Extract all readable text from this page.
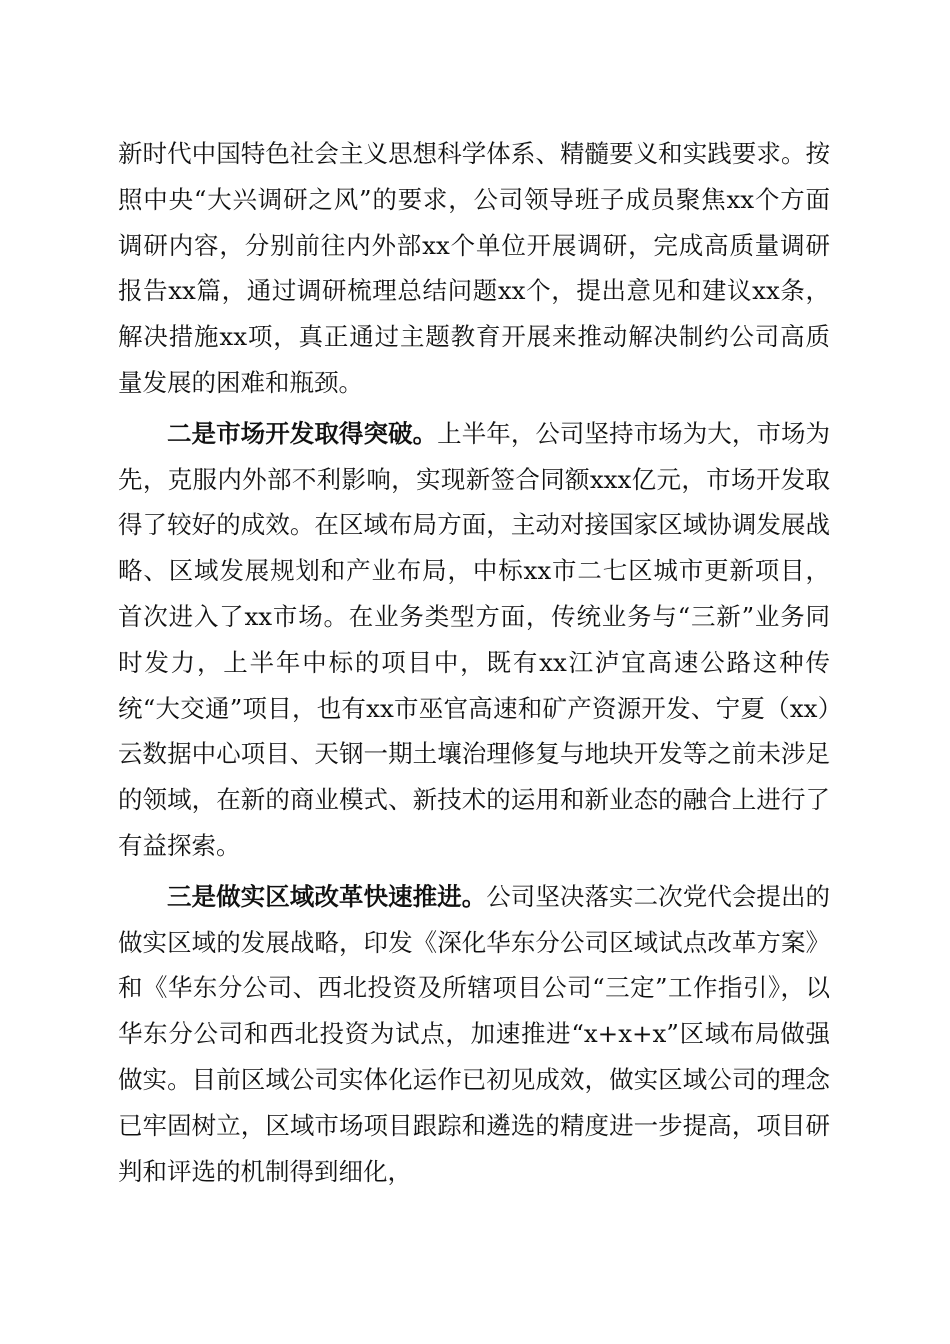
新时代中国特色社会主义思想科学体系、精髓要义和实践要求。按照中央“大兴调研之风”的要求，公司领导班子成员聚焦xx个方面调研内容，分别前往内外部xx个单位开展调研，完成高质量调研报告xx篇，通过调研梳理总结问题xx个，提出意见和建议xx条，解决措施xx项，真正通过主题教育开展来推动解决制约公司高质量发展的困难和瓶颈。

二是市场开发取得突破。上半年，公司坚持市场为大，市场为先，克服内外部不利影响，实现新签合同额xxx亿元，市场开发取得了较好的成效。在区域布局方面，主动对接国家区域协调发展战略、区域发展规划和产业布局，中标xx市二七区城市更新项目，首次进入了xx市场。在业务类型方面，传统业务与“三新”业务同时发力，上半年中标的项目中，既有xx江泸宜高速公路这种传统“大交通”项目，也有xx市巫官高速和矿产资源开发、宁夏（xx）云数据中心项目、天钢一期土壤治理修复与地块开发等之前未涉足的领域，在新的商业模式、新技术的运用和新业态的融合上进行了有益探索。

三是做实区域改革快速推进。公司坚决落实二次党代会提出的做实区域的发展战略，印发《深化华东分公司区域试点改革方案》和《华东分公司、西北投资及所辖项目公司“三定”工作指引》，以华东分公司和西北投资为试点，加速推进“x+x+x”区域布局做强做实。目前区域公司实体化运作已初见成效，做实区域公司的理念已牢固树立，区域市场项目跟踪和遴选的精度进一步提高，项目研判和评选的机制得到细化，
